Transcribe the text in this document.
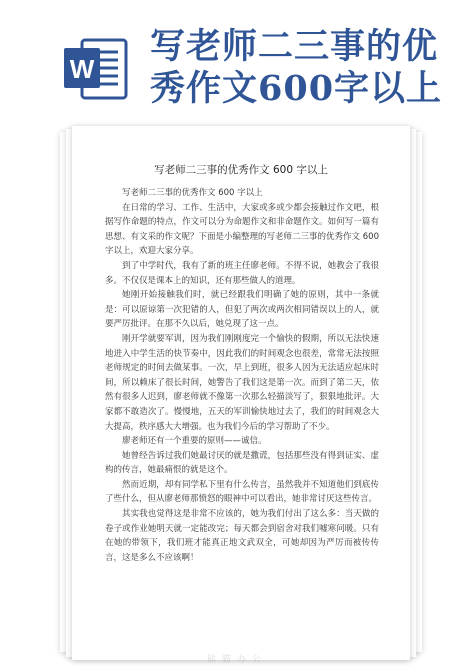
W
写老师二三事的优秀作文600字以上
写老师二三事的优秀作文 600 字以上

写老师二三事的优秀作文 600 字以上

在日常的学习、工作、生活中，大家或多或少都会接触过作文吧，根据写作命题的特点，作文可以分为命题作文和非命题作文。如何写一篇有思想、有文采的作文呢？下面是小编整理的写老师二三事的优秀作文 600 字以上，欢迎大家分享。

到了中学时代，我有了新的班主任廖老师。不得不说，她教会了我很多。不仅仅是课本上的知识，还有那些做人的道理。

她刚开始接触我们时，就已经跟我们明确了她的原则，其中一条就是：可以原谅第一次犯错的人，但犯了两次或两次相同错误以上的人，就要严厉批评。在那不久以后，她兑现了这一点。

刚开学就要军训，因为我们刚刚度完一个愉快的假期，所以无法快速地进入中学生活的快节奏中，因此我们的时间观念也很差，常常无法按照老师规定的时间去做某事。一次，早上到班，很多人因为无法适应起床时间，所以赖床了很长时间，她警告了我们这是第一次。而到了第二天，依然有很多人迟到，廖老师就不像第一次那么轻描淡写了，狠狠地批评。大家都不敢造次了。慢慢地，五天的军训愉快地过去了，我们的时间观念大大提高，秩序感大大增强。也为我们今后的学习帮助了不少。

廖老师还有一个重要的原则——诚信。

她曾经告诉过我们她最讨厌的就是撒谎，包括那些没有得到证实、虚构的传言，她最痛恨的就是这个。

然而近期，却有同学私下里有什么传言，虽然我并不知道他们到底传了些什么，但从廖老师那愤怒的眼神中可以看出，她非常讨厌这些传言。

其实我也觉得这是非常不应该的，她为我们付出了这么多：当天做的卷子或作业她明天就一定能改完；每天都会到宿舍对我们嘘寒问暖。只有在她的带领下，我们班才能真正地文武双全，可她却因为严厉而被传传言，这是多么不应该啊！

熊猫办公
